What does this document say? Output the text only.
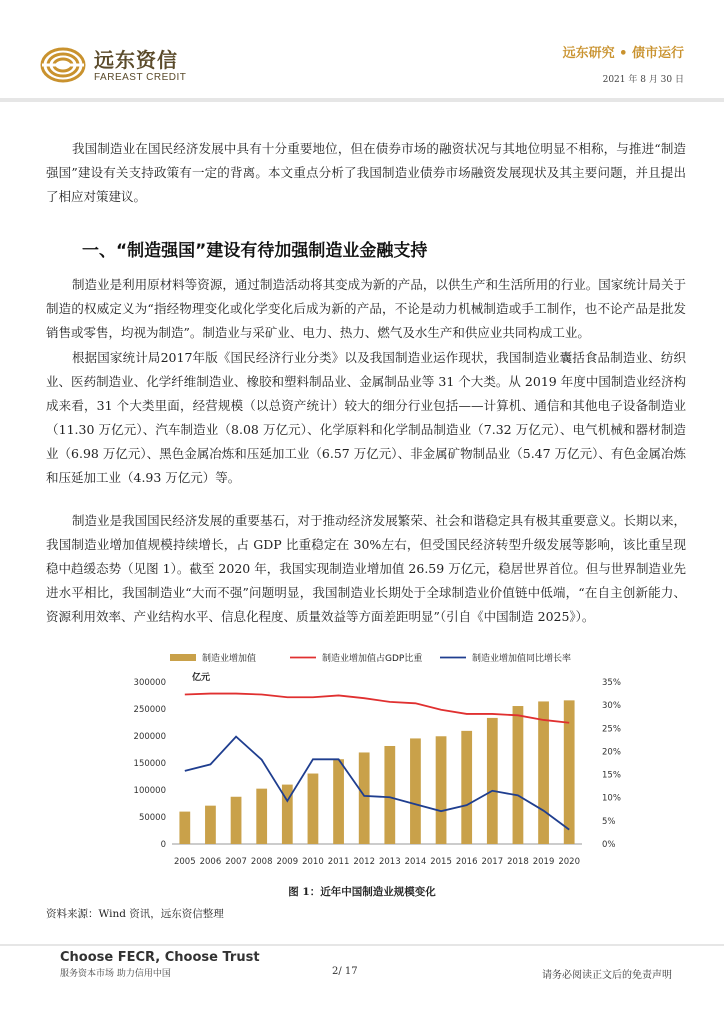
远东资信
FAREAST CREDIT
远东研究 • 债市运行
2021 年 8 月 30 日

我国制造业在国民经济发展中具有十分重要地位，但在债券市场的融资状况与其地位明显不相称，与推进“制造强国”建设有关支持政策有一定的背离。本文重点分析了我国制造业债券市场融资发展现状及其主要问题，并且提出了相应对策建议。

一、“制造强国”建设有待加强制造业金融支持

制造业是利用原材料等资源，通过制造活动将其变成为新的产品，以供生产和生活所用的行业。国家统计局关于制造的权威定义为“指经物理变化或化学变化后成为新的产品，不论是动力机械制造或手工制作，也不论产品是批发销售或零售，均视为制造”。制造业与采矿业、电力、热力、燃气及水生产和供应业共同构成工业。

根据国家统计局2017年版《国民经济行业分类》以及我国制造业运作现状，我国制造业囊括食品制造业、纺织业、医药制造业、化学纤维制造业、橡胶和塑料制品业、金属制品业等 31 个大类。从 2019 年度中国制造业经济构成来看，31 个大类里面，经营规模（以总资产统计）较大的细分行业包括——计算机、通信和其他电子设备制造业（11.30 万亿元）、汽车制造业（8.08 万亿元）、化学原料和化学制品制造业（7.32 万亿元）、电气机械和器材制造业（6.98 万亿元）、黑色金属冶炼和压延加工业（6.57 万亿元）、非金属矿物制品业（5.47 万亿元）、有色金属冶炼和压延加工业（4.93 万亿元）等。

制造业是我国国民经济发展的重要基石，对于推动经济发展繁荣、社会和谐稳定具有极其重要意义。长期以来，我国制造业增加值规模持续增长，占 GDP 比重稳定在 30%左右，但受国民经济转型升级发展等影响，该比重呈现稳中趋缓态势（见图 1）。截至 2020 年，我国实现制造业增加值 26.59 万亿元，稳居世界首位。但与世界制造业先进水平相比，我国制造业“大而不强”问题明显，我国制造业长期处于全球制造业价值链中低端，“在自主创新能力、资源利用效率、产业结构水平、信息化程度、质量效益等方面差距明显”（引自《中国制造 2025》）。

0
50000
100000
150000
200000
250000
300000
0%
5%
10%
15%
20%
25%
30%
35%
亿元
2005 2006 2007 2008 2009 2010 2011 2012 2013 2014 2015 2016 2017 2018 2019 2020
制造业增加值	制造业增加值占GDP比重	制造业增加值同比增长率
图 1：近年中国制造业规模变化
资料来源：Wind 资讯，远东资信整理
Choose FECR, Choose Trust
服务资本市场 助力信用中国	2/ 17	请务必阅读正文后的免责声明
